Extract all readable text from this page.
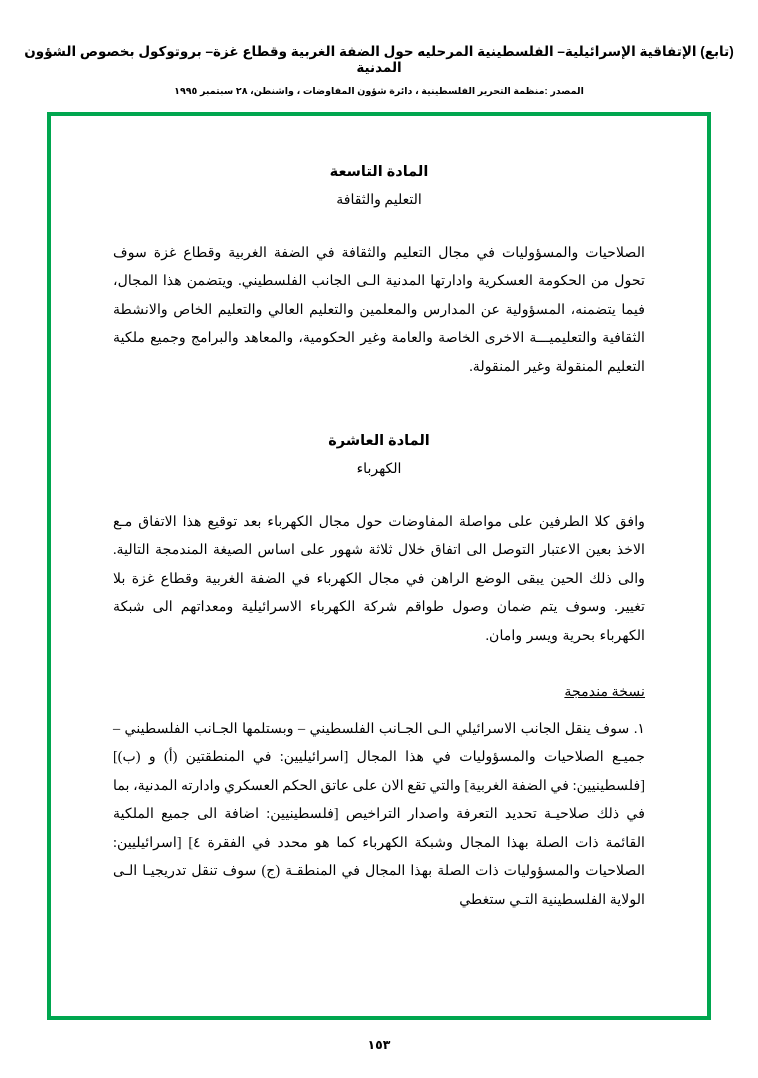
(تابع) الإتفاقية الإسرائيلية– الفلسطينية المرحليه حول الضفة الغربية وقطاع غزة– بروتوكول بخصوص الشؤون المدنية
المصدر :منظمة التحرير الفلسطينية ، دائرة شؤون المفاوضات ، واشنطن، ٢٨ سبتمبر ١٩٩٥
المادة التاسعة
التعليم والثقافة
الصلاحيات والمسؤوليات في مجال التعليم والثقافة في الضفة الغربية وقطاع غزة سوف تحول من الحكومة العسكرية وادارتها المدنية الـى الجانب الفلسطيني. ويتضمن هذا المجال، فيما يتضمنه، المسؤولية عن المدارس والمعلمين والتعليم العالي والتعليم الخاص والانشطة الثقافية والتعليميـــة الاخرى الخاصة والعامة وغير الحكومية، والمعاهد والبرامج وجميع ملكية التعليم المنقولة وغير المنقولة.
المادة العاشرة
الكهرباء
وافق كلا الطرفين على مواصلة المفاوضات حول مجال الكهرباء بعد توقيع هذا الاتفاق مـع الاخذ بعين الاعتبار التوصل الى اتفاق خلال ثلاثة شهور على اساس الصيغة المندمجة التالية. والى ذلك الحين يبقى الوضع الراهن في مجال الكهرباء في الضفة الغربية وقطاع غزة بلا تغيير. وسوف يتم ضمان وصول طواقم شركة الكهرباء الاسرائيلية ومعداتهم الى شبكة الكهرباء بحرية ويسر وامان.
نسخة مندمجة
١. سوف ينقل الجانب الاسرائيلي الـى الجـانب الفلسطيني – وبستلمها الجـانب الفلسطيني – جميـع الصلاحيات والمسؤوليات في هذا المجال [اسرائيليين: في المنطقتين (أ) و (ب)] [فلسطينيين: في الضفة الغربية] والتي تقع الان على عاتق الحكم العسكري وادارته المدنية، بما في ذلك صلاحيـة تحديد التعرفة واصدار التراخيص [فلسطينيين: اضافة الى جميع الملكية القائمة ذات الصلة بهذا المجال وشبكة الكهرباء كما هو محدد في الفقرة ٤] [اسرائيليين: الصلاحيات والمسؤوليات ذات الصلة بهذا المجال في المنطقـة (ج) سوف تنقل تدريجيـا الـى الولاية الفلسطينية التـي ستغطي
١٥٣
